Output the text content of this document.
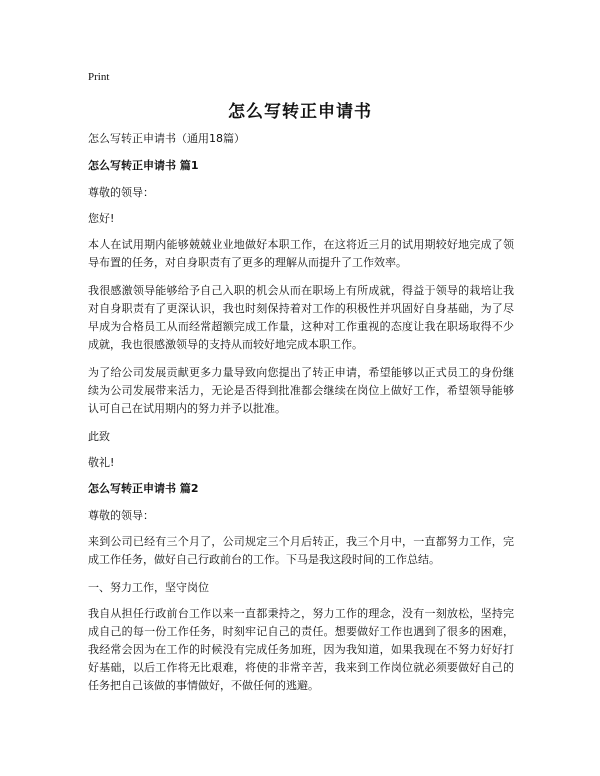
Print
怎么写转正申请书

怎么写转正申请书（通用18篇）

怎么写转正申请书 篇1

尊敬的领导：

您好!

本人在试用期内能够兢兢业业地做好本职工作，在这将近三月的试用期较好地完成了领导布置的任务，对自身职责有了更多的理解从而提升了工作效率。

我很感激领导能够给予自己入职的机会从而在职场上有所成就，得益于领导的栽培让我对自身职责有了更深认识，我也时刻保持着对工作的积极性并巩固好自身基础，为了尽早成为合格员工从而经常超额完成工作量，这种对工作重视的态度让我在职场取得不少成就，我也很感激领导的支持从而较好地完成本职工作。

为了给公司发展贡献更多力量导致向您提出了转正申请，希望能够以正式员工的身份继续为公司发展带来活力，无论是否得到批准都会继续在岗位上做好工作，希望领导能够认可自己在试用期内的努力并予以批准。

此致

敬礼!

怎么写转正申请书 篇2

尊敬的领导：

来到公司已经有三个月了，公司规定三个月后转正，我三个月中，一直都努力工作，完成工作任务，做好自己行政前台的工作。下马是我这段时间的工作总结。

一、努力工作，坚守岗位

我自从担任行政前台工作以来一直都秉持之，努力工作的理念，没有一刻放松，坚持完成自己的每一份工作任务，时刻牢记自己的责任。想要做好工作也遇到了很多的困难，我经常会因为在工作的时候没有完成任务加班，因为我知道，如果我现在不努力好好打好基础，以后工作将无比艰难，将使的非常辛苦，我来到工作岗位就必须要做好自己的任务把自己该做的事情做好，不做任何的逃避。
